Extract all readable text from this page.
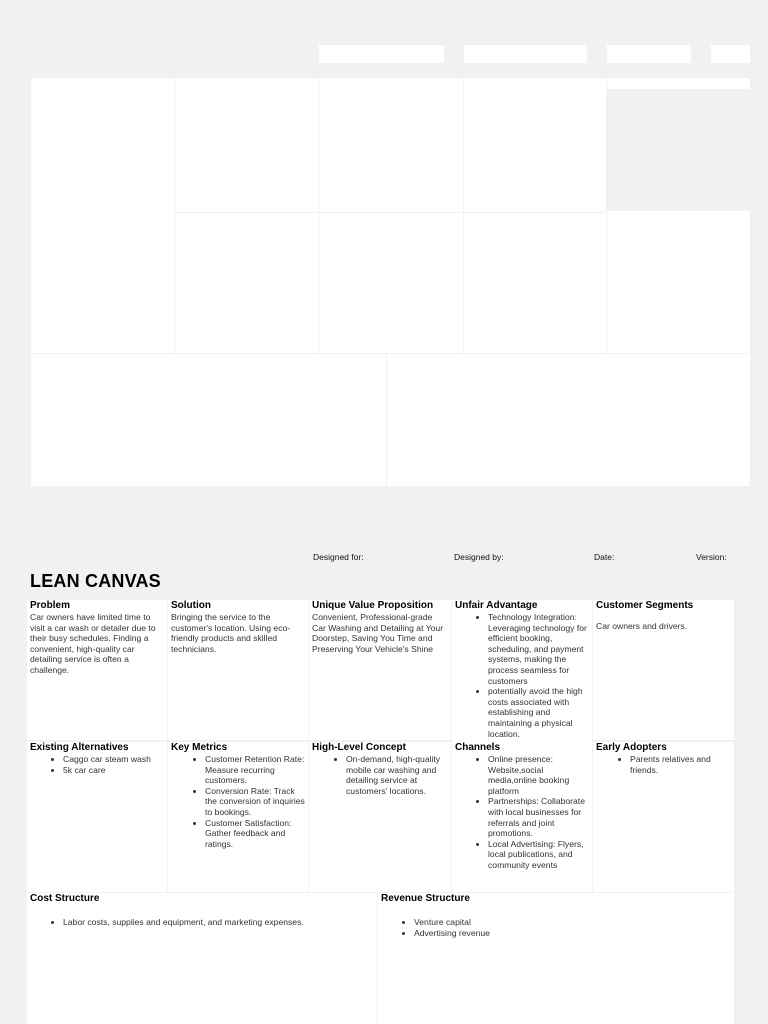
Designed for:	Designed by:	Date:	Version:
LEAN CANVAS
Problem

Car owners have limited time to visit a car wash or detailer due to their busy schedules. Finding a convenient, high-quality car detailing service is often a challenge.

Solution

Bringing the service to the customer's location. Using eco-friendly products and skilled technicians.

Unique Value Proposition

Convenient, Professional-grade Car Washing and Detailing at Your Doorstep, Saving You Time and Preserving Your Vehicle's Shine

Unfair Advantage
• Technology Integration: Leveraging technology for efficient booking, scheduling, and payment systems, making the process seamless for customers
• potentially avoid the high costs associated with establishing and maintaining a physical location.
Customer Segments

Car owners and drivers.

Existing Alternatives
• Caggo car steam wash
• 5k car care
Key Metrics
• Customer Retention Rate: Measure recurring customers.
• Conversion Rate: Track the conversion of inquiries to bookings.
• Customer Satisfaction: Gather feedback and ratings.
High-Level Concept
• On-demand, high-quality mobile car washing and detailing service at customers' locations.
Channels
• Online presence: Website,social media,online booking platform
• Partnerships: Collaborate with local businesses for referrals and joint promotions.
• Local Advertising: Flyers, local publications, and community events
Early Adopters
• Parents relatives and friends.
Cost Structure
• Labor costs, supplies and equipment, and marketing expenses.
Revenue Structure
• Venture capital
• Advertising revenue
